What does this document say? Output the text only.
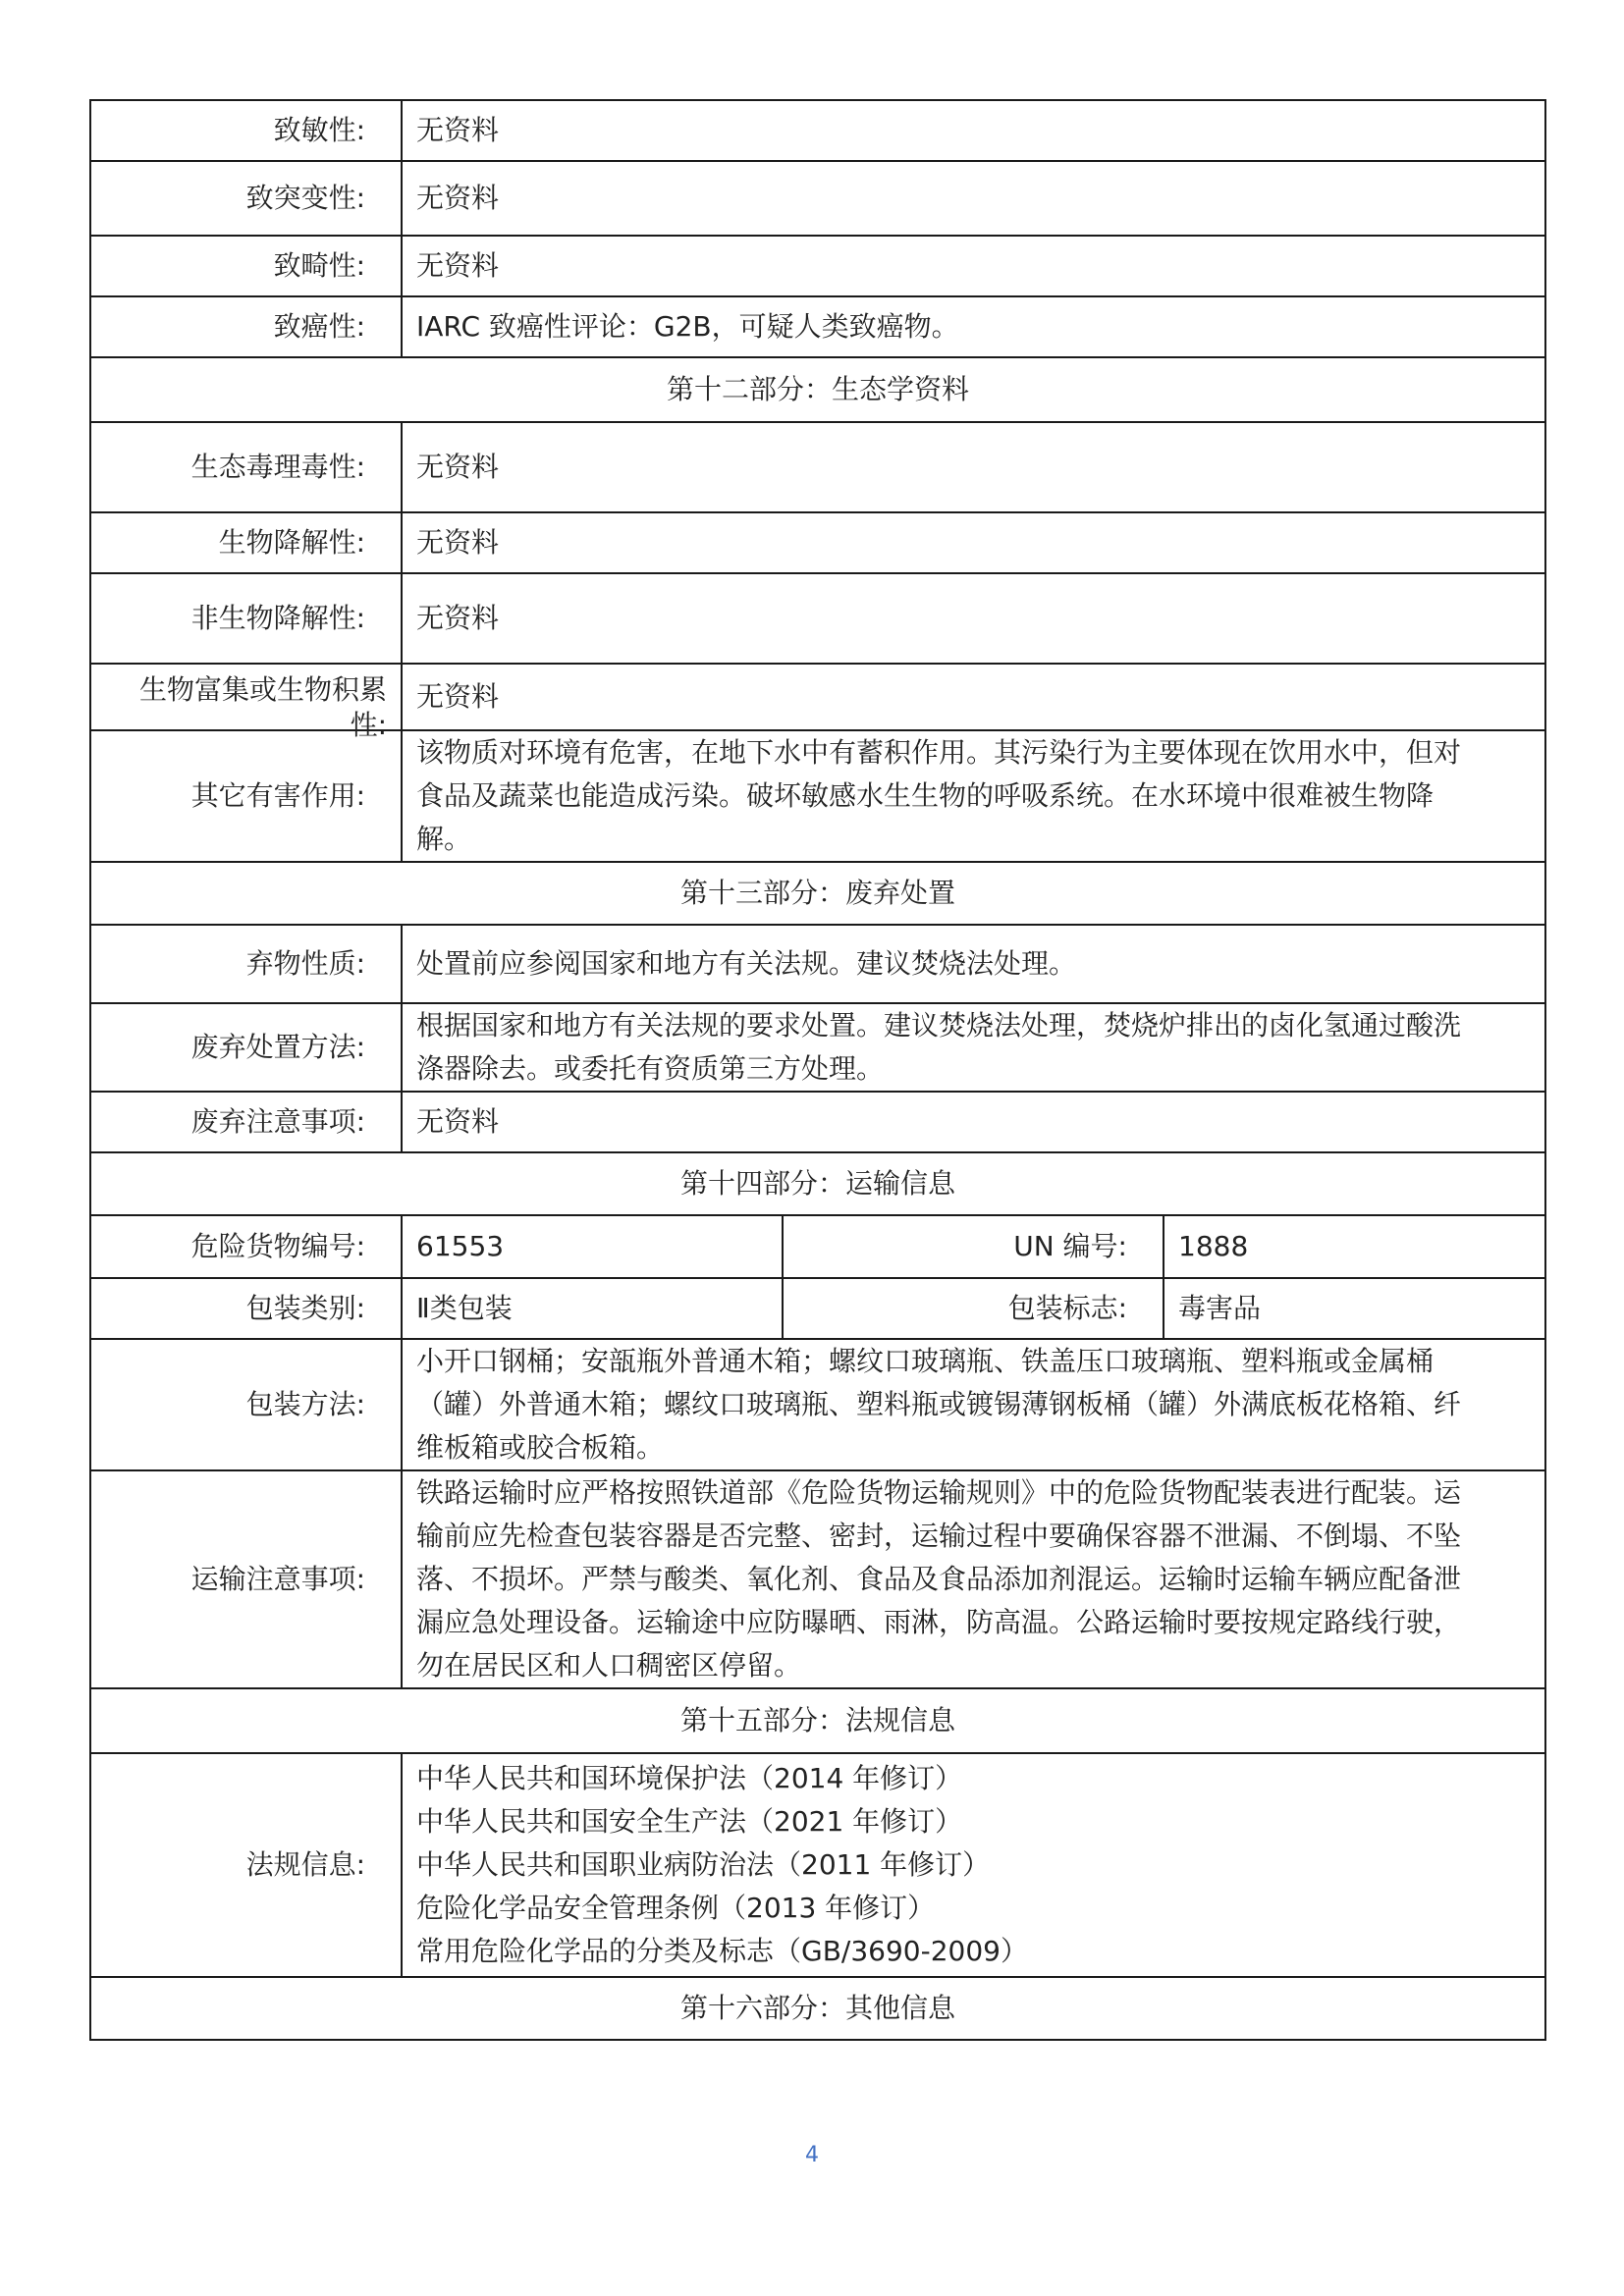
致敏性:	无资料		
致突变性:	无资料		
致畸性:	无资料		
致癌性:	IARC 致癌性评论：G2B，可疑人类致癌物。		
第十二部分：生态学资料			
生态毒理毒性:	无资料		
生物降解性:	无资料		
非生物降解性:	无资料		

生物富集或生物积累性:	无资料		
其它有害作用:	该物质对环境有危害，在地下水中有蓄积作用。其污染行为主要体现在饮用水中，但对
食品及蔬菜也能造成污染。破坏敏感水生生物的呼吸系统。在水环境中很难被生物降
解。		

第十三部分：废弃处置			
弃物性质:	处置前应参阅国家和地方有关法规。建议焚烧法处理。		
废弃处置方法:	根据国家和地方有关法规的要求处置。建议焚烧法处理，焚烧炉排出的卤化氢通过酸洗
涤器除去。或委托有资质第三方处理。		

废弃注意事项:	无资料		
第十四部分：运输信息			
危险货物编号:	61553	UN 编号:	1888
包装类别:	Ⅱ类包装	包装标志:	毒害品
包装方法:	小开口钢桶；安瓿瓶外普通木箱；螺纹口玻璃瓶、铁盖压口玻璃瓶、塑料瓶或金属桶
（罐）外普通木箱；螺纹口玻璃瓶、塑料瓶或镀锡薄钢板桶（罐）外满底板花格箱、纤
维板箱或胶合板箱。		

运输注意事项:	铁路运输时应严格按照铁道部《危险货物运输规则》中的危险货物配装表进行配装。运
输前应先检查包装容器是否完整、密封，运输过程中要确保容器不泄漏、不倒塌、不坠
落、不损坏。严禁与酸类、氧化剂、食品及食品添加剂混运。运输时运输车辆应配备泄
漏应急处理设备。运输途中应防曝晒、雨淋，防高温。公路运输时要按规定路线行驶，
勿在居民区和人口稠密区停留。		

第十五部分：法规信息			
法规信息:	中华人民共和国环境保护法（2014 年修订）
中华人民共和国安全生产法（2021 年修订）
中华人民共和国职业病防治法（2011 年修订）
危险化学品安全管理条例（2013 年修订）
常用危险化学品的分类及标志（GB/3690-2009）		

第十六部分：其他信息			
4
